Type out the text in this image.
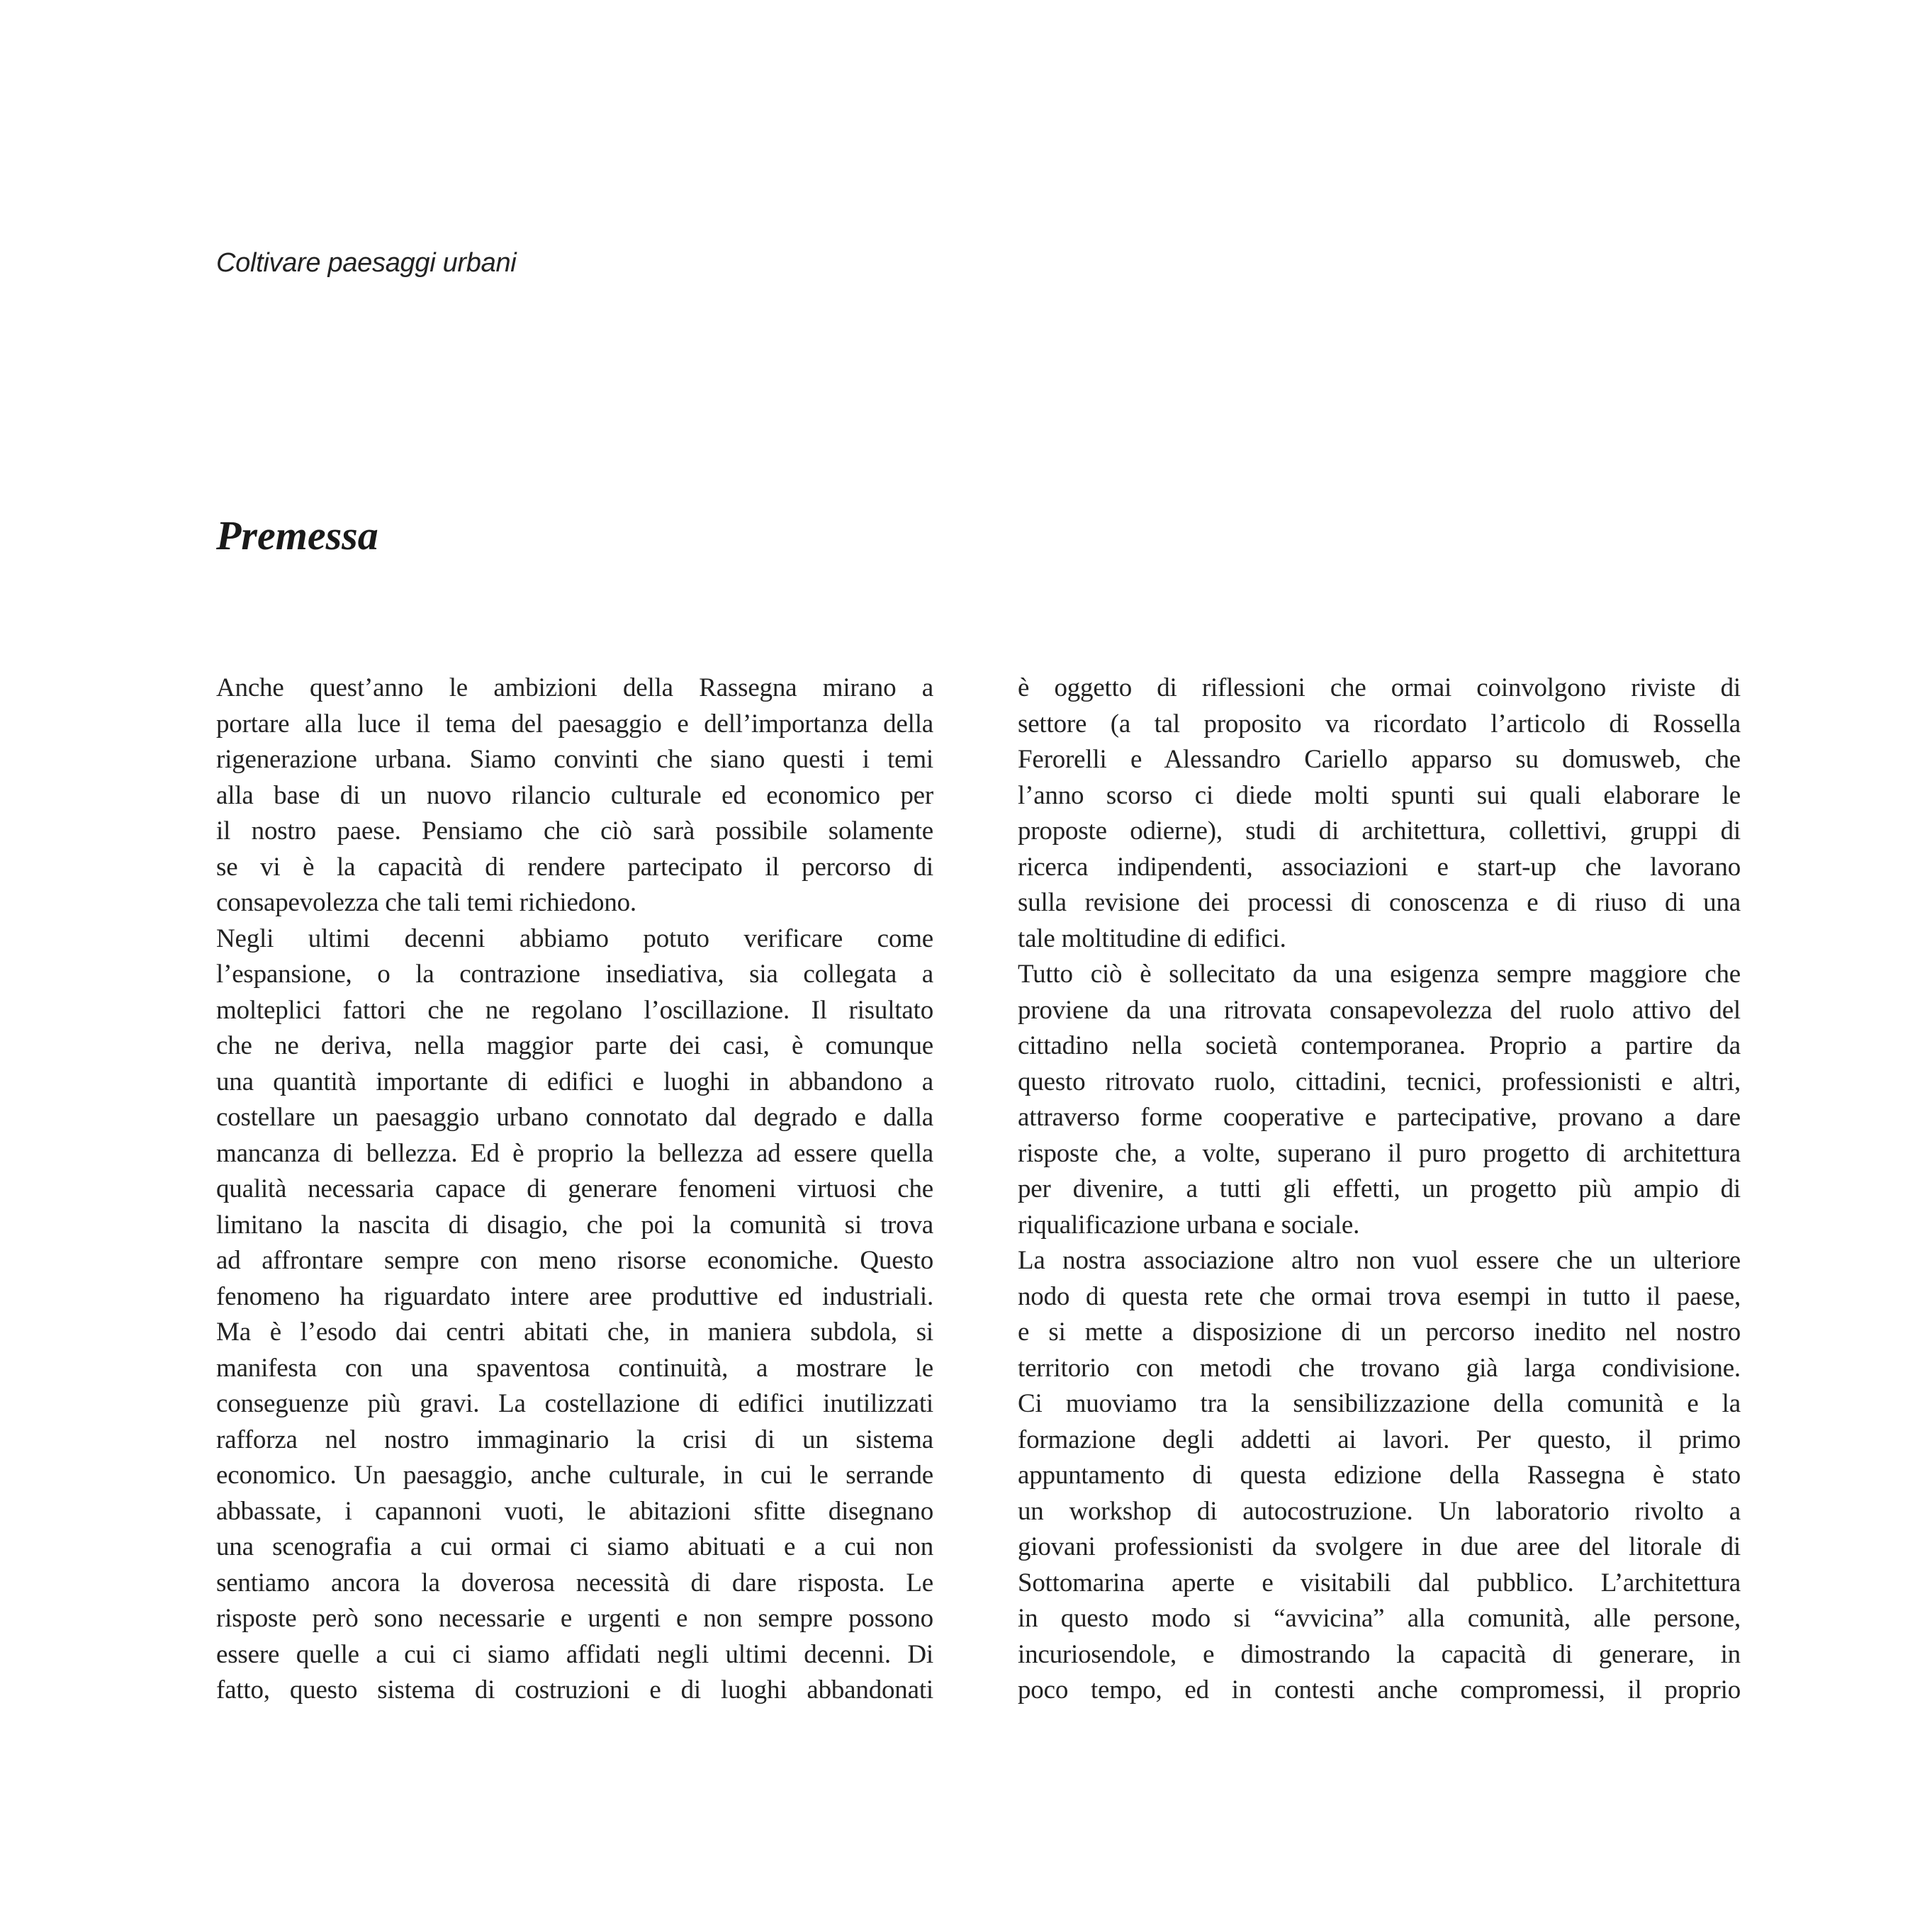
Coltivare paesaggi urbani
Premessa
Anche quest’anno le ambizioni della Rassegna mirano a
portare alla luce il tema del paesaggio e dell’importanza della
rigenerazione urbana. Siamo convinti che siano questi i temi
alla base di un nuovo rilancio culturale ed economico per
il nostro paese. Pensiamo che ciò sarà possibile solamente
se vi è la capacità di rendere partecipato il percorso di
consapevolezza che tali temi richiedono.
Negli ultimi decenni abbiamo potuto verificare come
l’espansione, o la contrazione insediativa, sia collegata a
molteplici fattori che ne regolano l’oscillazione. Il risultato
che ne deriva, nella maggior parte dei casi, è comunque
una quantità importante di edifici e luoghi in abbandono a
costellare un paesaggio urbano connotato dal degrado e dalla
mancanza di bellezza. Ed è proprio la bellezza ad essere quella
qualità necessaria capace di generare fenomeni virtuosi che
limitano la nascita di disagio, che poi la comunità si trova
ad affrontare sempre con meno risorse economiche. Questo
fenomeno ha riguardato intere aree produttive ed industriali.
Ma è l’esodo dai centri abitati che, in maniera subdola, si
manifesta con una spaventosa continuità, a mostrare le
conseguenze più gravi. La costellazione di edifici inutilizzati
rafforza nel nostro immaginario la crisi di un sistema
economico. Un paesaggio, anche culturale, in cui le serrande
abbassate, i capannoni vuoti, le abitazioni sfitte disegnano
una scenografia a cui ormai ci siamo abituati e a cui non
sentiamo ancora la doverosa necessità di dare risposta. Le
risposte però sono necessarie e urgenti e non sempre possono
essere quelle a cui ci siamo affidati negli ultimi decenni. Di
fatto, questo sistema di costruzioni e di luoghi abbandonati
è oggetto di riflessioni che ormai coinvolgono riviste di
settore (a tal proposito va ricordato l’articolo di Rossella
Ferorelli e Alessandro Cariello apparso su domusweb, che
l’anno scorso ci diede molti spunti sui quali elaborare le
proposte odierne), studi di architettura, collettivi, gruppi di
ricerca indipendenti, associazioni e start-up che lavorano
sulla revisione dei processi di conoscenza e di riuso di una
tale moltitudine di edifici.
Tutto ciò è sollecitato da una esigenza sempre maggiore che
proviene da una ritrovata consapevolezza del ruolo attivo del
cittadino nella società contemporanea. Proprio a partire da
questo ritrovato ruolo, cittadini, tecnici, professionisti e altri,
attraverso forme cooperative e partecipative, provano a dare
risposte che, a volte, superano il puro progetto di architettura
per divenire, a tutti gli effetti, un progetto più ampio di
riqualificazione urbana e sociale.
La nostra associazione altro non vuol essere che un ulteriore
nodo di questa rete che ormai trova esempi in tutto il paese,
e si mette a disposizione di un percorso inedito nel nostro
territorio con metodi che trovano già larga condivisione.
Ci muoviamo tra la sensibilizzazione della comunità e la
formazione degli addetti ai lavori. Per questo, il primo
appuntamento di questa edizione della Rassegna è stato
un workshop di autocostruzione. Un laboratorio rivolto a
giovani professionisti da svolgere in due aree del litorale di
Sottomarina aperte e visitabili dal pubblico. L’architettura
in questo modo si “avvicina” alla comunità, alle persone,
incuriosendole, e dimostrando la capacità di generare, in
poco tempo, ed in contesti anche compromessi, il proprio
